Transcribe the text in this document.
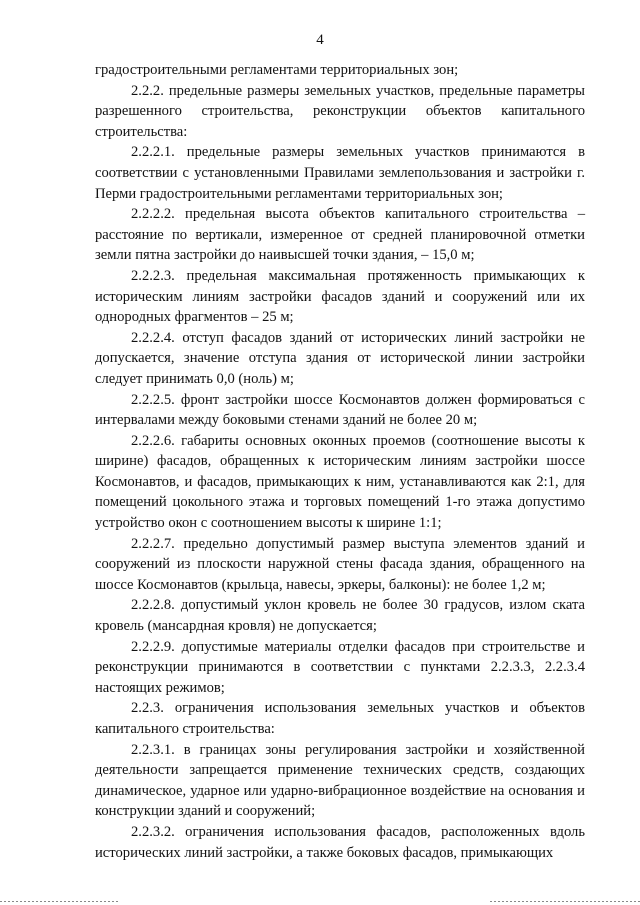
4

градостроительными регламентами территориальных зон;

2.2.2. предельные размеры земельных участков, предельные параметры разрешенного строительства, реконструкции объектов капитального строительства:

2.2.2.1. предельные размеры земельных участков принимаются в соответствии с установленными Правилами землепользования и застройки г. Перми градостроительными регламентами территориальных зон;

2.2.2.2. предельная высота объектов капитального строительства – расстояние по вертикали, измеренное от средней планировочной отметки земли пятна застройки до наивысшей точки здания, – 15,0 м;

2.2.2.3. предельная максимальная протяженность примыкающих к историческим линиям застройки фасадов зданий и сооружений или их однородных фрагментов – 25 м;

2.2.2.4. отступ фасадов зданий от исторических линий застройки не допускается, значение отступа здания от исторической линии застройки следует принимать 0,0 (ноль) м;

2.2.2.5. фронт застройки шоссе Космонавтов должен формироваться с интервалами между боковыми стенами зданий не более 20 м;

2.2.2.6. габариты основных оконных проемов (соотношение высоты к ширине) фасадов, обращенных к историческим линиям застройки шоссе Космонавтов, и фасадов, примыкающих к ним, устанавливаются как 2:1, для помещений цокольного этажа и торговых помещений 1-го этажа допустимо устройство окон с соотношением высоты к ширине 1:1;

2.2.2.7. предельно допустимый размер выступа элементов зданий и сооружений из плоскости наружной стены фасада здания, обращенного на шоссе Космонавтов (крыльца, навесы, эркеры, балконы): не более 1,2 м;

2.2.2.8. допустимый уклон кровель не более 30 градусов, излом ската кровель (мансардная кровля) не допускается;

2.2.2.9. допустимые материалы отделки фасадов при строительстве и реконструкции принимаются в соответствии с пунктами 2.2.3.3, 2.2.3.4 настоящих режимов;

2.2.3. ограничения использования земельных участков и объектов капитального строительства:

2.2.3.1. в границах зоны регулирования застройки и хозяйственной деятельности запрещается применение технических средств, создающих динамическое, ударное или ударно-вибрационное воздействие на основания и конструкции зданий и сооружений;

2.2.3.2. ограничения использования фасадов, расположенных вдоль исторических линий застройки, а также боковых фасадов, примыкающих
